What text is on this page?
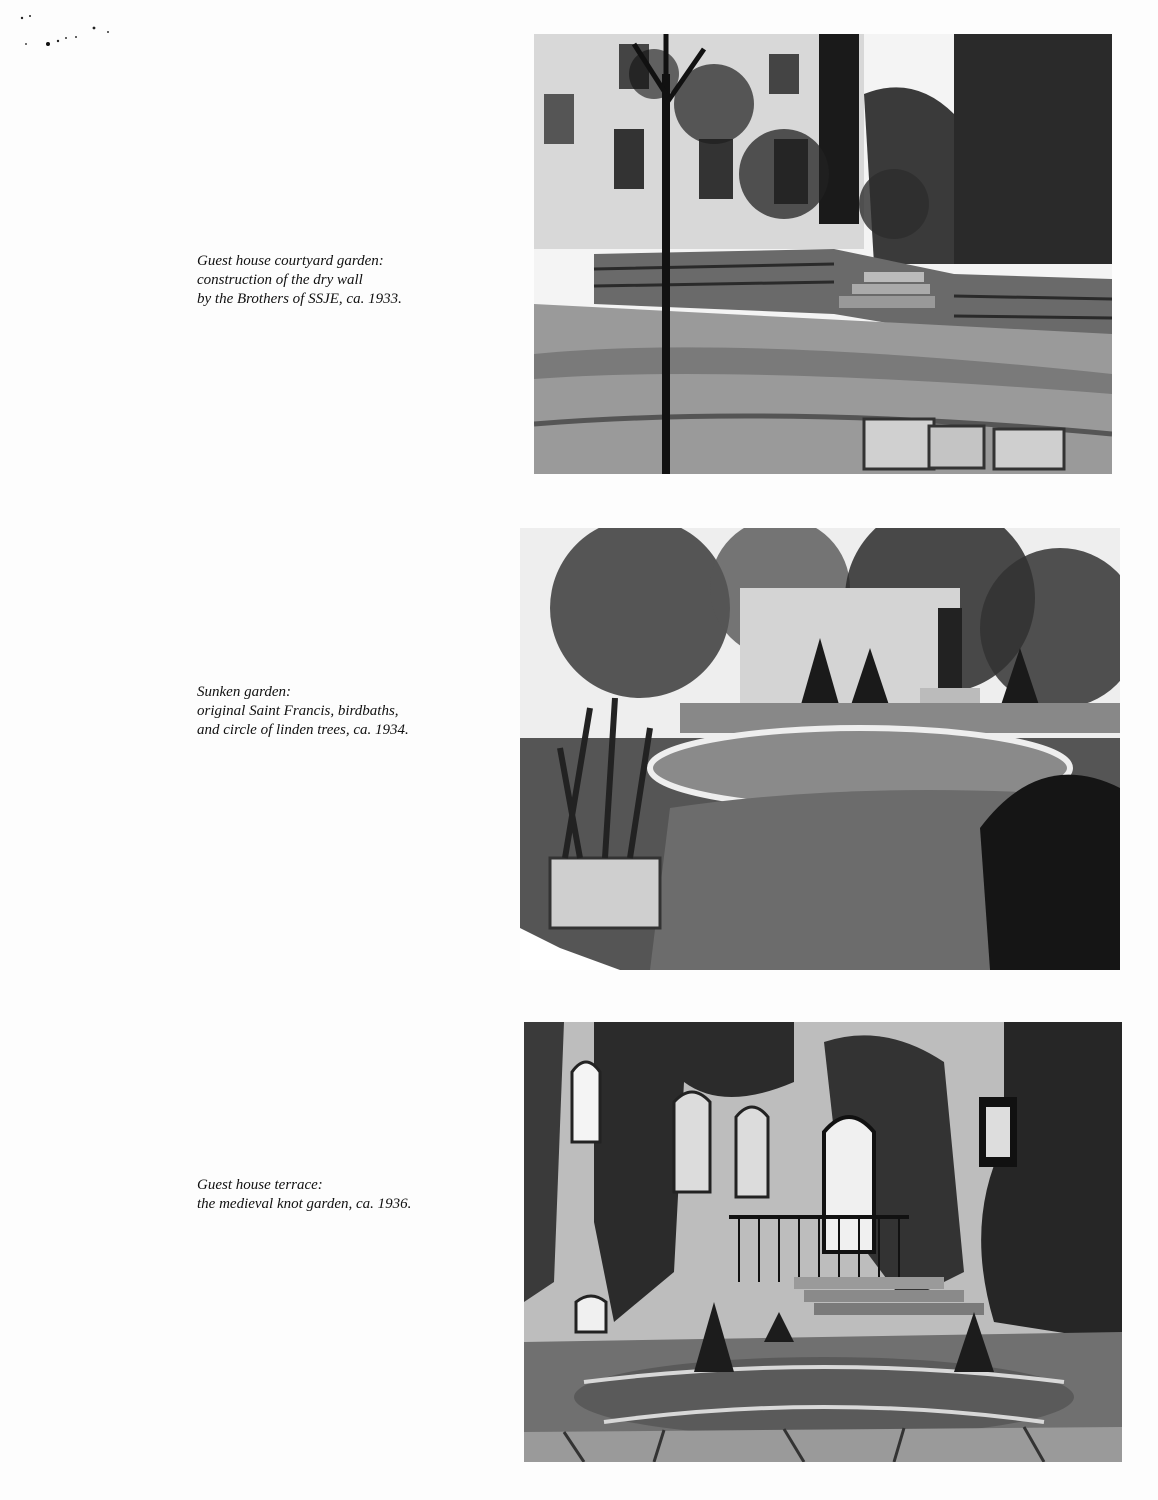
Guest house courtyard garden:
construction of the dry wall
by the Brothers of SSJE, ca. 1933.
Sunken garden:
original Saint Francis, birdbaths,
and circle of linden trees, ca. 1934.
Guest house terrace:
the medieval knot garden, ca. 1936.
